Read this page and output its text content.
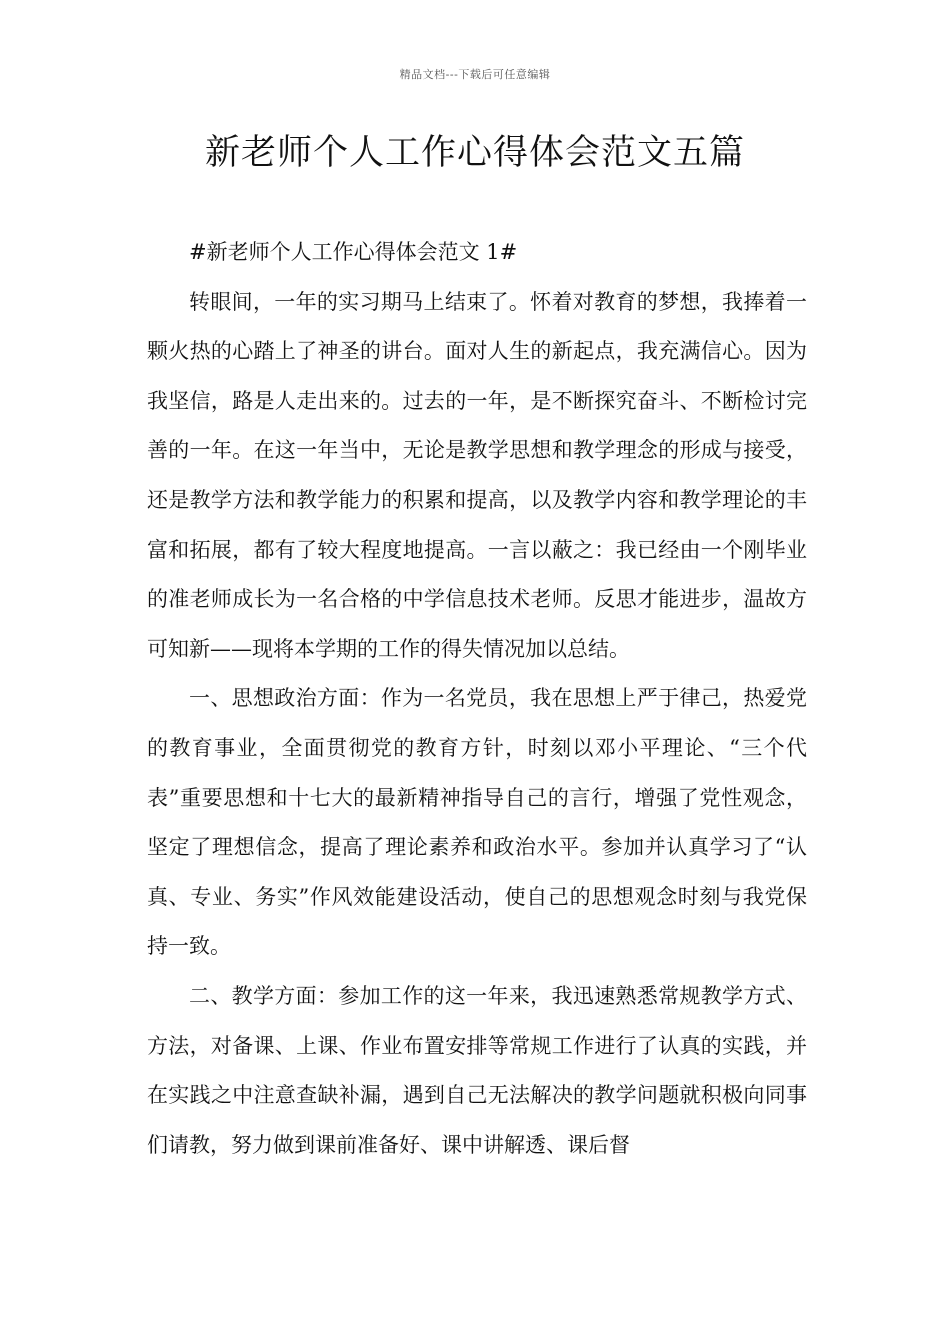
精品文档---下载后可任意编辑
新老师个人工作心得体会范文五篇

#新老师个人工作心得体会范文 1#

转眼间，一年的实习期马上结束了。怀着对教育的梦想，我捧着一颗火热的心踏上了神圣的讲台。面对人生的新起点，我充满信心。因为我坚信，路是人走出来的。过去的一年，是不断探究奋斗、不断检讨完善的一年。在这一年当中，无论是教学思想和教学理念的形成与接受，还是教学方法和教学能力的积累和提高，以及教学内容和教学理论的丰富和拓展，都有了较大程度地提高。一言以蔽之：我已经由一个刚毕业的准老师成长为一名合格的中学信息技术老师。反思才能进步，温故方可知新——现将本学期的工作的得失情况加以总结。

一、思想政治方面：作为一名党员，我在思想上严于律己，热爱党的教育事业，全面贯彻党的教育方针，时刻以邓小平理论、“三个代表”重要思想和十七大的最新精神指导自己的言行，增强了党性观念，坚定了理想信念，提高了理论素养和政治水平。参加并认真学习了“认真、专业、务实”作风效能建设活动，使自己的思想观念时刻与我党保持一致。

二、教学方面：参加工作的这一年来，我迅速熟悉常规教学方式、方法，对备课、上课、作业布置安排等常规工作进行了认真的实践，并在实践之中注意查缺补漏，遇到自己无法解决的教学问题就积极向同事们请教，努力做到课前准备好、课中讲解透、课后督
